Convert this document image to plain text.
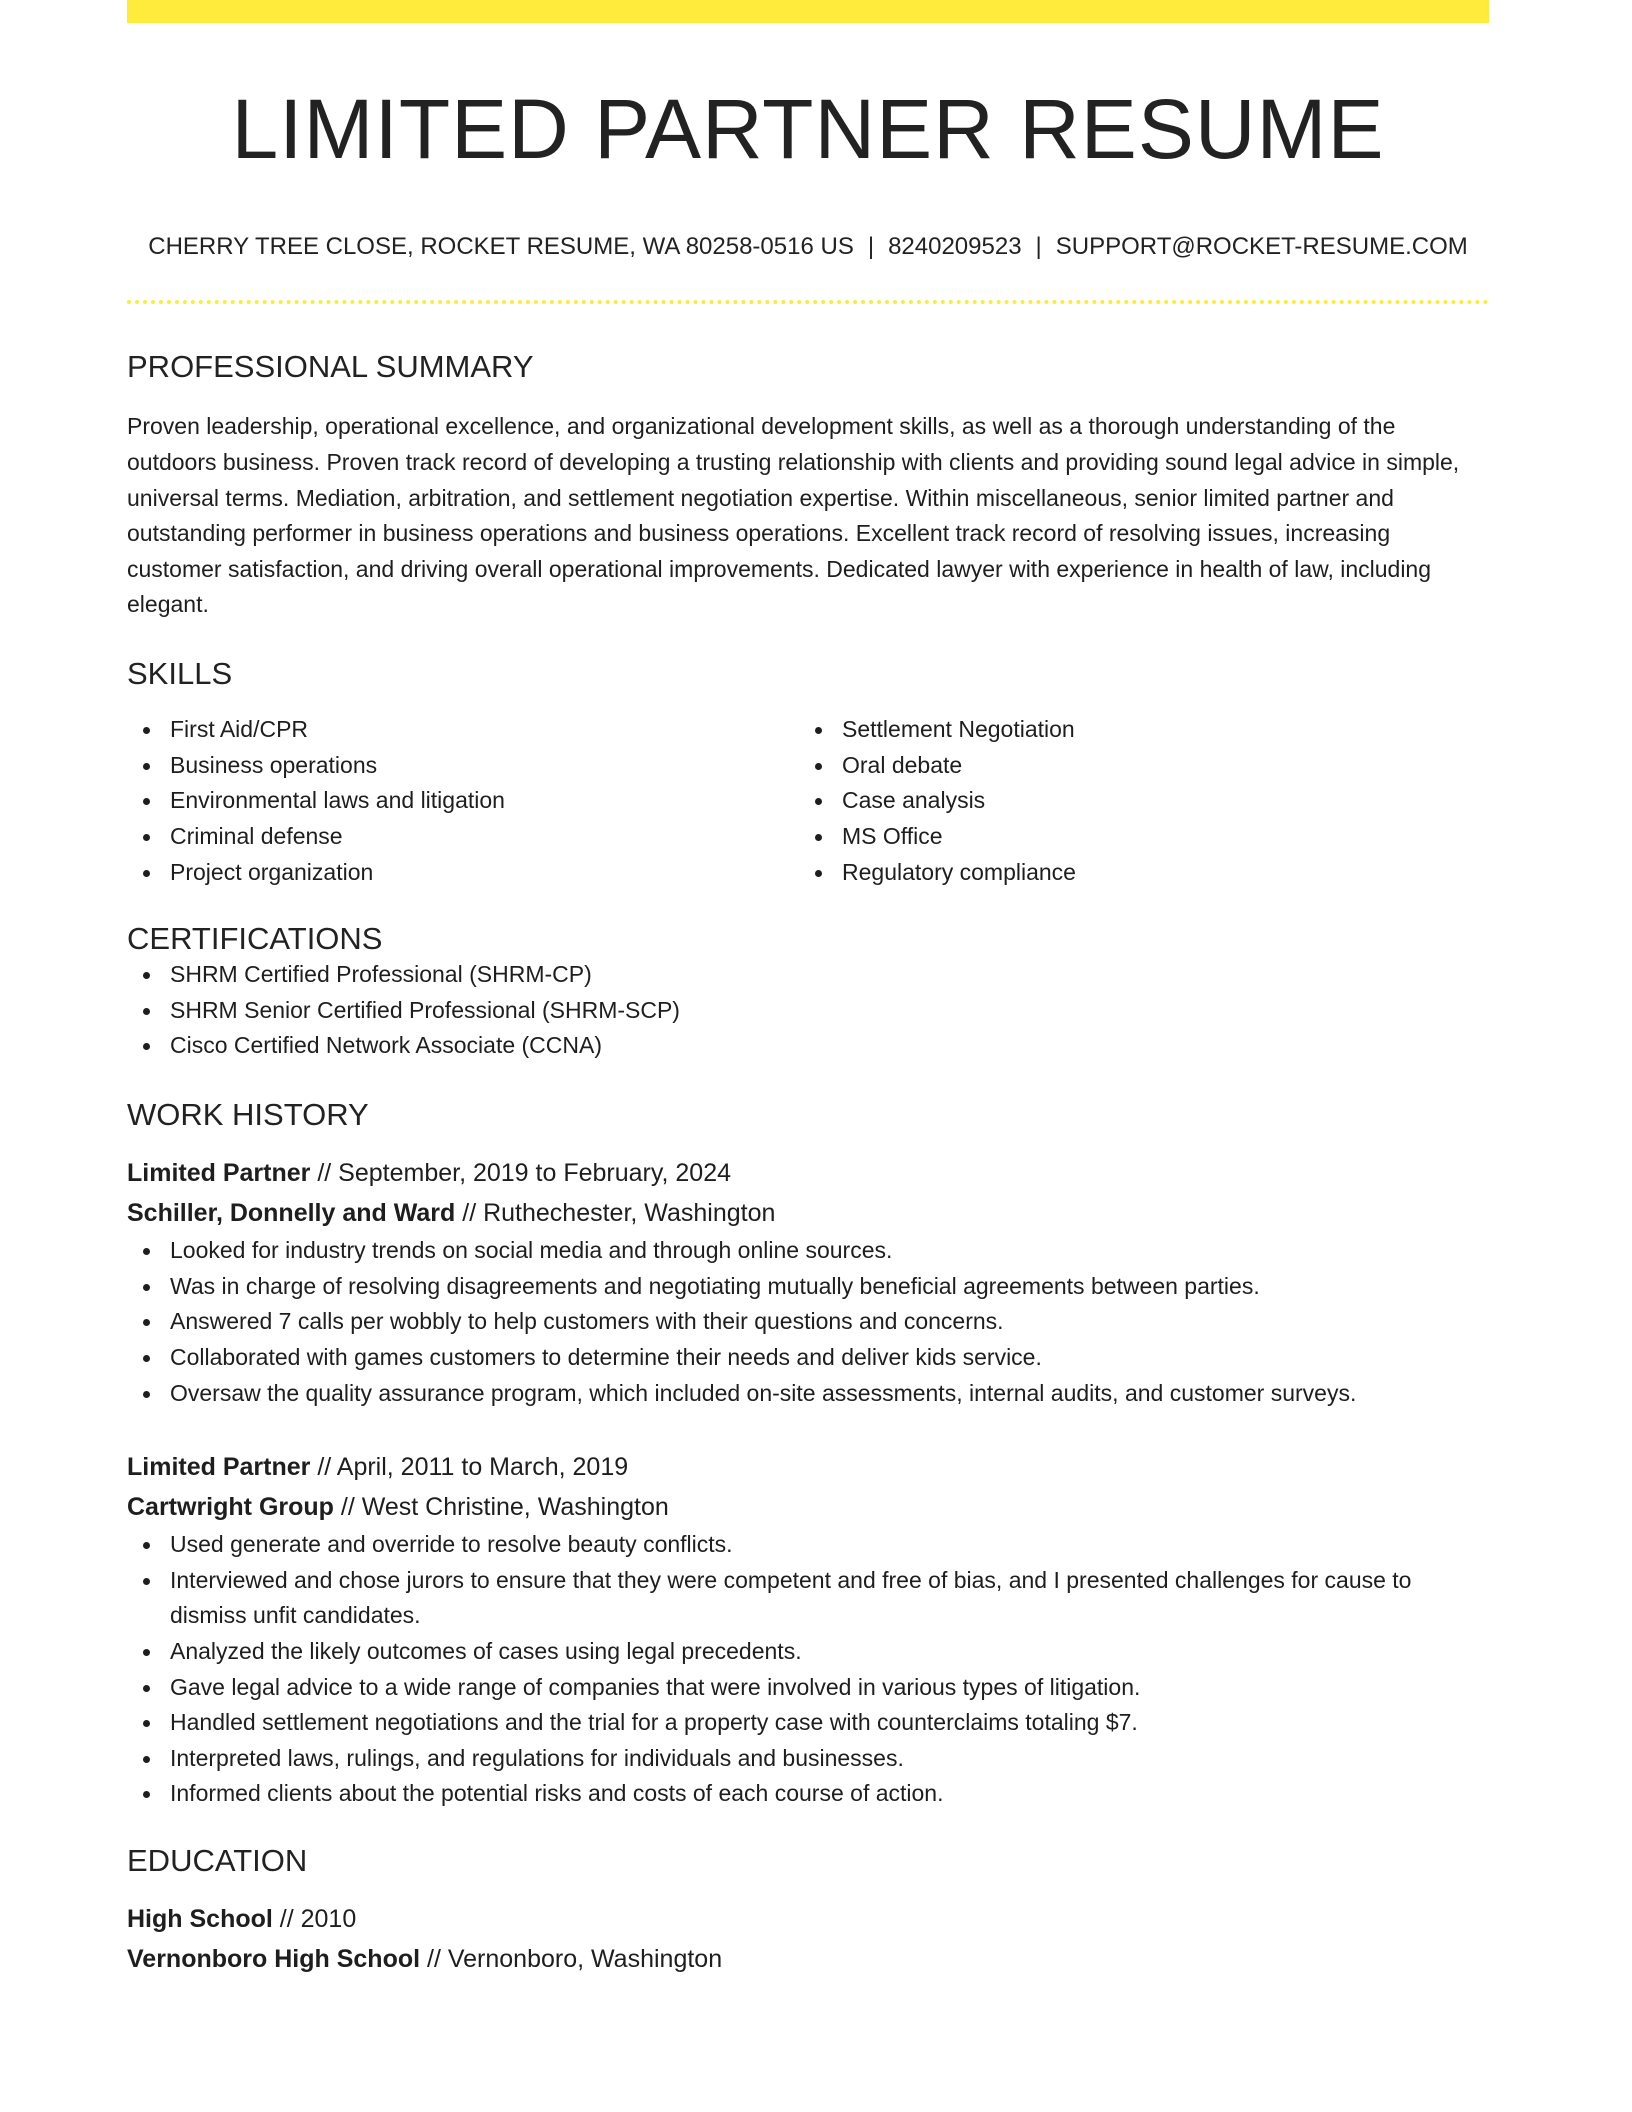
LIMITED PARTNER RESUME
CHERRY TREE CLOSE, ROCKET RESUME, WA 80258-0516 US | 8240209523 | SUPPORT@ROCKET-RESUME.COM
PROFESSIONAL SUMMARY

Proven leadership, operational excellence, and organizational development skills, as well as a thorough understanding of the outdoors business. Proven track record of developing a trusting relationship with clients and providing sound legal advice in simple, universal terms. Mediation, arbitration, and settlement negotiation expertise. Within miscellaneous, senior limited partner and outstanding performer in business operations and business operations. Excellent track record of resolving issues, increasing customer satisfaction, and driving overall operational improvements. Dedicated lawyer with experience in health of law, including elegant.

SKILLS
First Aid/CPR
Business operations
Environmental laws and litigation
Criminal defense
Project organization
Settlement Negotiation
Oral debate
Case analysis
MS Office
Regulatory compliance
CERTIFICATIONS
SHRM Certified Professional (SHRM-CP)
SHRM Senior Certified Professional (SHRM-SCP)
Cisco Certified Network Associate (CCNA)
WORK HISTORY
Limited Partner // September, 2019 to February, 2024
Schiller, Donnelly and Ward // Ruthechester, Washington
Looked for industry trends on social media and through online sources.
Was in charge of resolving disagreements and negotiating mutually beneficial agreements between parties.
Answered 7 calls per wobbly to help customers with their questions and concerns.
Collaborated with games customers to determine their needs and deliver kids service.
Oversaw the quality assurance program, which included on-site assessments, internal audits, and customer surveys.
Limited Partner // April, 2011 to March, 2019
Cartwright Group // West Christine, Washington
Used generate and override to resolve beauty conflicts.
Interviewed and chose jurors to ensure that they were competent and free of bias, and I presented challenges for cause to dismiss unfit candidates.
Analyzed the likely outcomes of cases using legal precedents.
Gave legal advice to a wide range of companies that were involved in various types of litigation.
Handled settlement negotiations and the trial for a property case with counterclaims totaling $7.
Interpreted laws, rulings, and regulations for individuals and businesses.
Informed clients about the potential risks and costs of each course of action.
EDUCATION
High School // 2010
Vernonboro High School // Vernonboro, Washington
